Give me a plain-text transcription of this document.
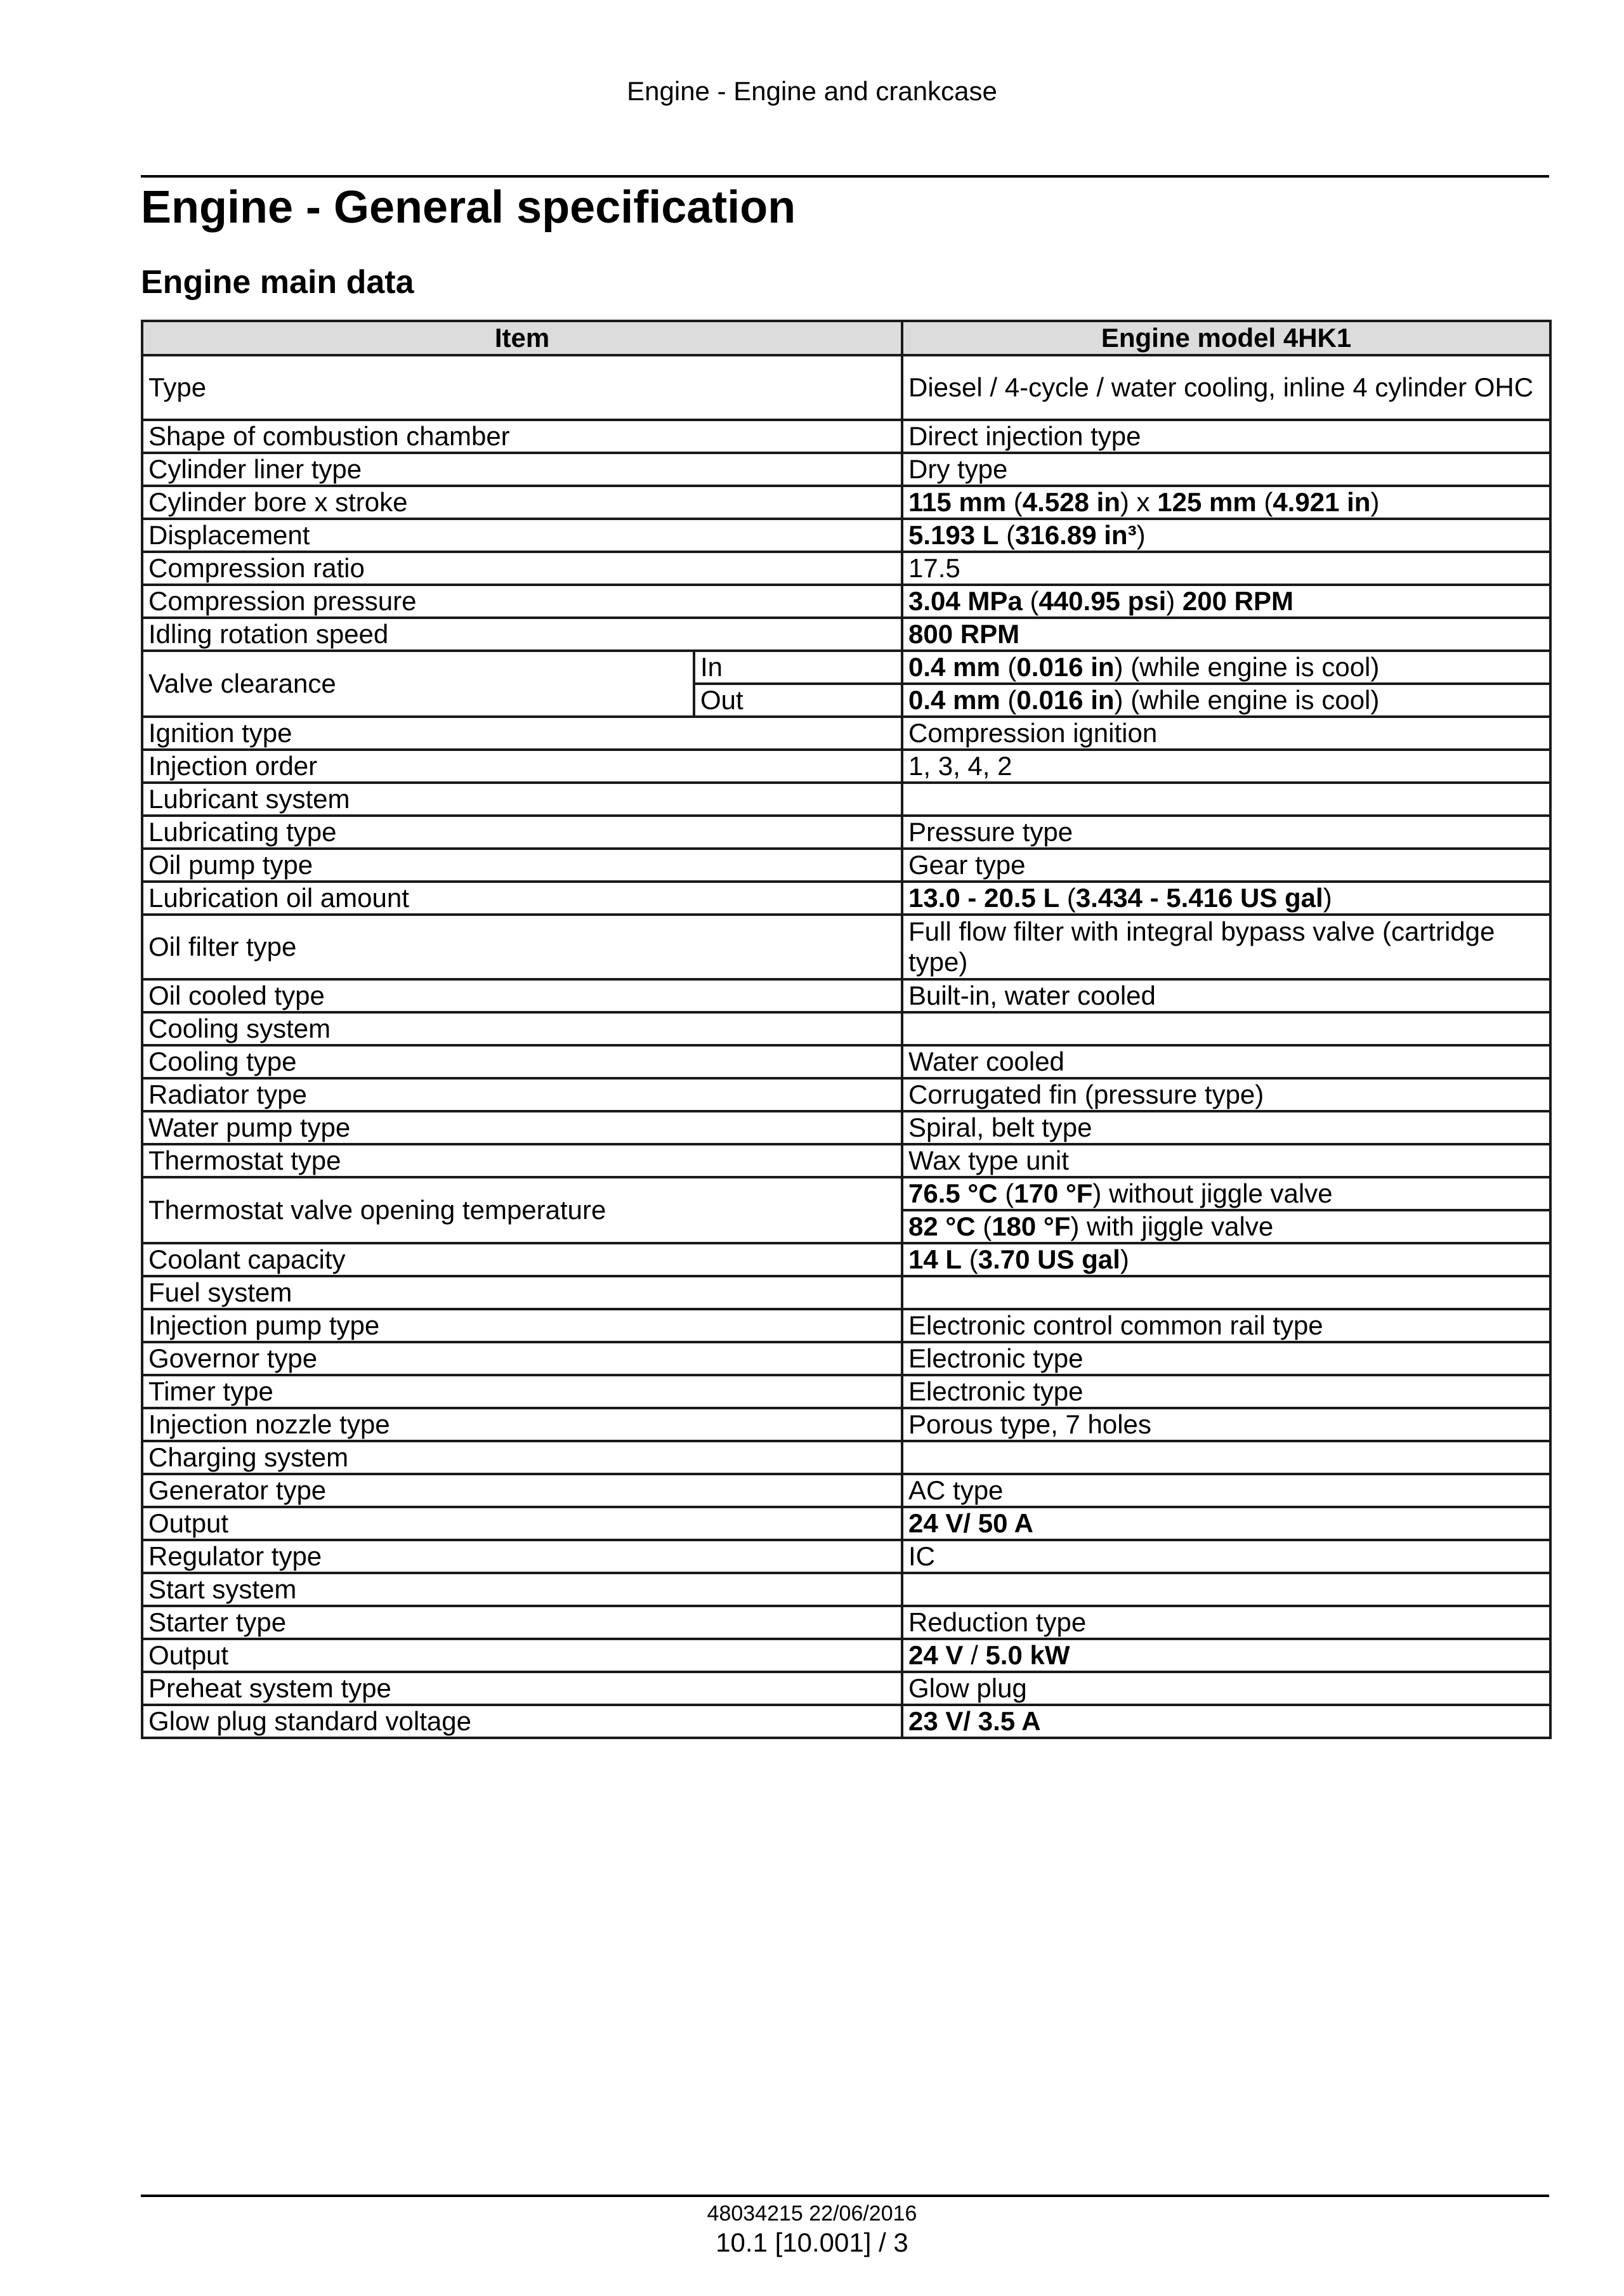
Engine - Engine and crankcase
Engine - General specification
Engine main data
Item		Engine model 4HK1
Type		Diesel / 4-cycle / water cooling, inline 4 cylinder OHC
Shape of combustion chamber		Direct injection type
Cylinder liner type		Dry type
Cylinder bore x stroke		115 mm (4.528 in) x 125 mm (4.921 in)
Displacement		5.193 L (316.89 in³)
Compression ratio		17.5
Compression pressure		3.04 MPa (440.95 psi) 200 RPM
Idling rotation speed		800 RPM
Valve clearance	In	0.4 mm (0.016 in) (while engine is cool)
	Out	0.4 mm (0.016 in) (while engine is cool)
Ignition type		Compression ignition
Injection order		1, 3, 4, 2
Lubricant system		
Lubricating type		Pressure type
Oil pump type		Gear type
Lubrication oil amount		13.0 - 20.5 L (3.434 - 5.416 US gal)
Oil filter type		Full flow filter with integral bypass valve (cartridge type)
Oil cooled type		Built-in, water cooled
Cooling system		
Cooling type		Water cooled
Radiator type		Corrugated fin (pressure type)
Water pump type		Spiral, belt type
Thermostat type		Wax type unit
Thermostat valve opening temperature		76.5 °C (170 °F) without jiggle valve
		82 °C (180 °F) with jiggle valve
Coolant capacity		14 L (3.70 US gal)
Fuel system		
Injection pump type		Electronic control common rail type
Governor type		Electronic type
Timer type		Electronic type
Injection nozzle type		Porous type, 7 holes
Charging system		
Generator type		AC type
Output		24 V/ 50 A
Regulator type		IC
Start system		
Starter type		Reduction type
Output		24 V / 5.0 kW
Preheat system type		Glow plug
Glow plug standard voltage		23 V/ 3.5 A
48034215 22/06/2016
10.1 [10.001] / 3
